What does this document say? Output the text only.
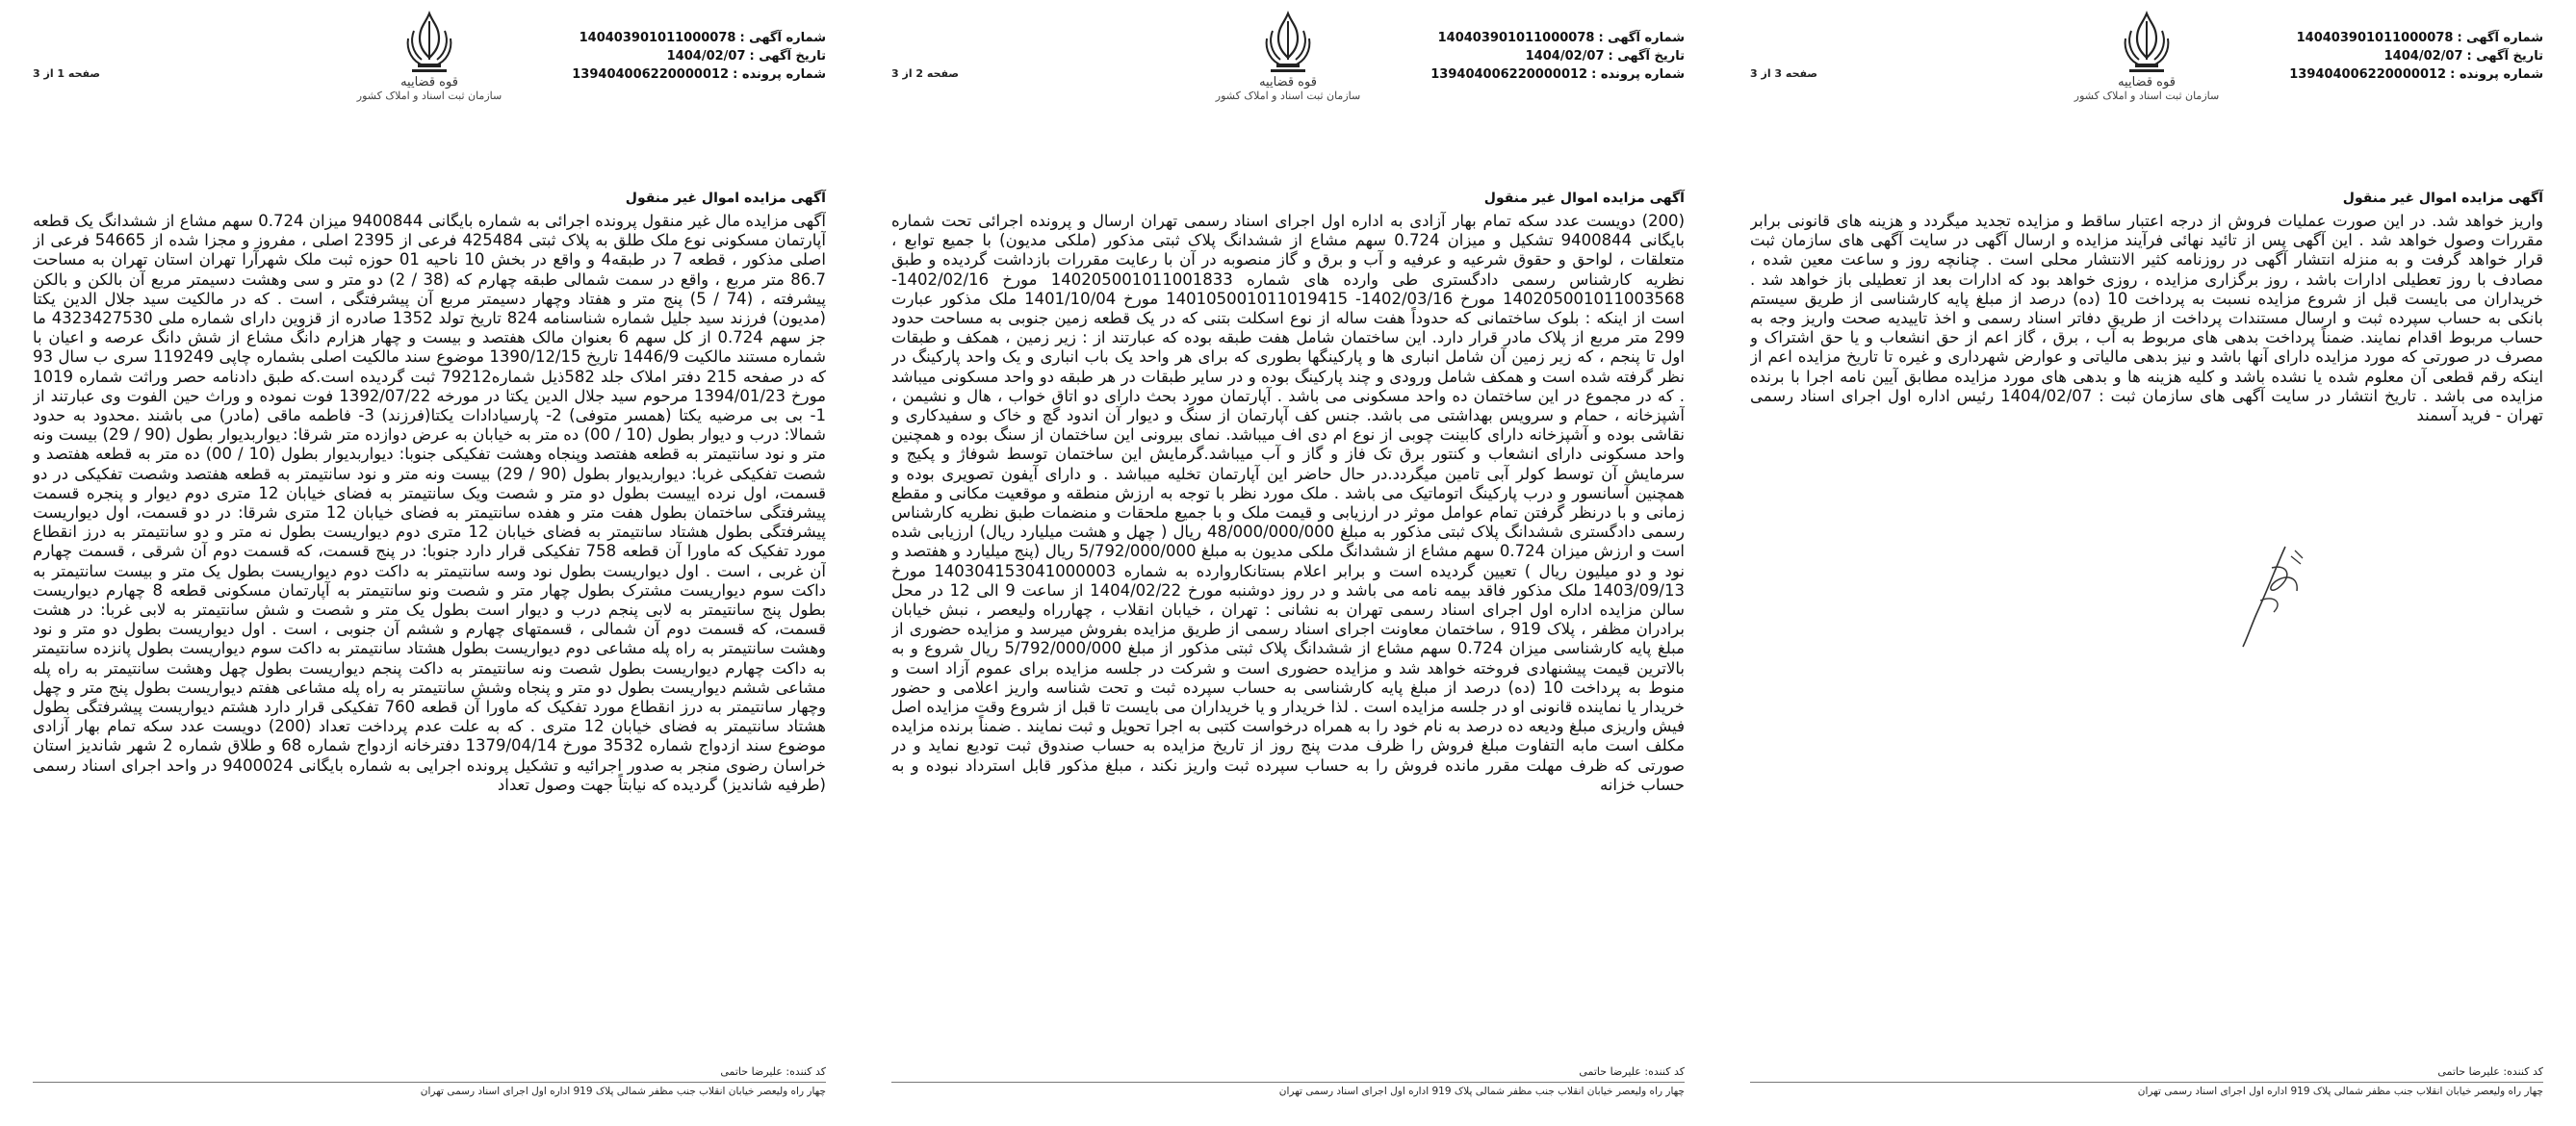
صفحه 1 از 3
قوه قضاییه
سازمان ثبت اسناد و املاک کشور
شماره آگهی :140403901011000078
تاریخ آگهی :1404/02/07
شماره پرونده :139404006220000012
آگهی مزایده اموال غیر منقول
آگهی مزایده مال غیر منقول پرونده اجرائی به شماره بایگانی 9400844 میزان 0.724 سهم مشاع از ششدانگ یک قطعه آپارتمان مسکونی نوع ملک طلق به پلاک ثبتی 425484 فرعی از 2395 اصلی ، مفروز و مجزا شده از 54665 فرعی از اصلی مذکور ، قطعه 7 در طبقه4 و واقع در بخش 10 ناحیه 01 حوزه ثبت ملک شهرآرا تهران استان تهران به مساحت 86.7 متر مربع ، واقع در سمت شمالی طبقه چهارم که (38 / 2) دو متر و سی وهشت دسیمتر مربع آن بالکن و بالکن پیشرفته ، (74 / 5) پنج متر و هفتاد وچهار دسیمتر مربع آن پیشرفتگی ، است . که در مالکیت سید جلال الدین یکتا (مدیون) فرزند سید جلیل شماره شناسنامه 824 تاریخ تولد 1352 صادره از قزوین دارای شماره ملی 4323427530 ما جز سهم 0.724 از کل سهم 6 بعنوان مالک هفتصد و بیست و چهار هزارم دانگ مشاع از شش دانگ عرصه و اعیان با شماره مستند مالکیت 1446/9 تاریخ 1390/12/15 موضوع سند مالکیت اصلی بشماره چاپی 119249 سری ب سال 93 که در صفحه 215 دفتر املاک جلد 582ذیل شماره79212 ثبت گردیده است.که طبق دادنامه حصر وراثت شماره 1019 مورخ 1394/01/23 مرحوم سید جلال الدین یکتا در مورخه 1392/07/22 فوت نموده و وراث حین الفوت وی عبارتند از 1- بی بی مرضیه یکتا (همسر متوفی) 2- پارسیادادات یکتا(فرزند) 3- فاطمه ماقی (مادر) می باشند .محدود به حدود شمالا: درب و دیوار بطول (10 / 00) ده متر به خیابان به عرض دوازده متر شرقا: دیواربدیوار بطول (90 / 29) بیست ونه متر و نود سانتیمتر به قطعه هفتصد وپنجاه وهشت تفکیکی جنوبا: دیواربدیوار بطول (10 / 00) ده متر به قطعه هفتصد و شصت تفکیکی غربا: دیواربدیوار بطول (90 / 29) بیست ونه متر و نود سانتیمتر به قطعه هفتصد وشصت تفکیکی در دو قسمت، اول نرده اییست بطول دو متر و شصت ویک سانتیمتر به فضای خیابان 12 متری دوم دیوار و پنجره قسمت پیشرفتگی ساختمان بطول هفت متر و هفده سانتیمتر به فضای خیابان 12 متری شرقا: در دو قسمت، اول دیواریست پیشرفتگی بطول هشتاد سانتیمتر به فضای خیابان 12 متری دوم دیواریست بطول نه متر و دو سانتیمتر به درز انقطاع مورد تفکیک که ماورا آن قطعه 758 تفکیکی قرار دارد جنوبا: در پنج قسمت، که قسمت دوم آن شرقی ، قسمت چهارم آن غربی ، است . اول دیواریست بطول نود وسه سانتیمتر به داکت دوم دیواریست بطول یک متر و بیست سانتیمتر به داکت سوم دیواریست مشترک بطول چهار متر و شصت ونو سانتیمتر به آپارتمان مسکونی قطعه 8 چهارم دیواریست بطول پنج سانتیمتر به لابی پنجم درب و دیوار است بطول یک متر و شصت و شش سانتیمتر به لابی غربا: در هشت قسمت، که قسمت دوم آن شمالی ، قسمتهای چهارم و ششم آن جنوبی ، است . اول دیواریست بطول دو متر و نود وهشت سانتیمتر به راه پله مشاعی دوم دیواریست بطول هشتاد سانتیمتر به داکت سوم دیواریست بطول پانزده سانتیمتر به داکت چهارم دیواریست بطول شصت ونه سانتیمتر به داکت پنجم دیواریست بطول چهل وهشت سانتیمتر به راه پله مشاعی ششم دیواریست بطول دو متر و پنجاه وشش سانتیمتر به راه پله مشاعی هفتم دیواریست بطول پنج متر و چهل وچهار سانتیمتر به درز انقطاع مورد تفکیک که ماورا آن قطعه 760 تفکیکی قرار دارد هشتم دیواریست پیشرفتگی بطول هشتاد سانتیمتر به فضای خیابان 12 متری . که به علت عدم پرداخت تعداد (200) دویست عدد سکه تمام بهار آزادی موضوع سند ازدواج شماره 3532 مورخ 1379/04/14 دفترخانه ازدواج شماره 68 و طلاق شماره 2 شهر شاندیز استان خراسان رضوی منجر به صدور اجرائیه و تشکیل پرونده اجرایی به شماره بایگانی 9400024 در واحد اجرای اسناد رسمی (طرفیه شاندیز) گردیده که نیابتاً جهت وصول تعداد
کد کننده: علیرضا حاتمی
چهار راه ولیعصر خیابان انقلاب جنب مظفر شمالی پلاک 919 اداره اول اجرای اسناد رسمی تهران
صفحه 2 از 3
قوه قضاییه
سازمان ثبت اسناد و املاک کشور
شماره آگهی :140403901011000078
تاریخ آگهی :1404/02/07
شماره پرونده :139404006220000012
آگهی مزایده اموال غیر منقول
(200) دویست عدد سکه تمام بهار آزادی به اداره اول اجرای اسناد رسمی تهران ارسال و پرونده اجرائی تحت شماره بایگانی 9400844 تشکیل و میزان 0.724 سهم مشاع از ششدانگ پلاک ثبتی مذکور (ملکی مدیون) با جمیع توابع ، متعلقات ، لواحق و حقوق شرعیه و عرفیه و آب و برق و گاز منصوبه در آن با رعایت مقررات بازداشت گردیده و طبق نظریه کارشناس رسمی دادگستری طی وارده های شماره 140205001011001833 مورخ 1402/02/16- 140205001011003568 مورخ 1402/03/16- 140105001011019415 مورخ 1401/10/04 ملک مذکور عبارت است از اینکه : بلوک ساختمانی که حدوداً هفت ساله از نوع اسکلت بتنی که در یک قطعه زمین جنوبی به مساحت حدود 299 متر مربع از پلاک مادر قرار دارد. این ساختمان شامل هفت طبقه بوده که عبارتند از : زیر زمین ، همکف و طبقات اول تا پنجم ، که زیر زمین آن شامل انباری ها و پارکینگها بطوری که برای هر واحد یک باب انباری و یک واحد پارکینگ در نظر گرفته شده است و همکف شامل ورودی و چند پارکینگ بوده و در سایر طبقات در هر طبقه دو واحد مسکونی میباشد . که در مجموع در این ساختمان ده واحد مسکونی می باشد . آپارتمان مورد بحث دارای دو اتاق خواب ، هال و نشیمن ، آشپزخانه ، حمام و سرویس بهداشتی می باشد. جنس کف آپارتمان از سنگ و دیوار آن اندود گچ و خاک و سفیدکاری و نقاشی بوده و آشپزخانه دارای کابینت چوبی از نوع ام دی اف میباشد. نمای بیرونی این ساختمان از سنگ بوده و همچنین واحد مسکونی دارای انشعاب و کنتور برق تک فاز و گاز و آب میباشد.گرمایش این ساختمان توسط شوفاژ و پکیج و سرمایش آن توسط کولر آبی تامین میگردد.در حال حاضر این آپارتمان تخلیه میباشد . و دارای آیفون تصویری بوده و همچنین آسانسور و درب پارکینگ اتوماتیک می باشد . ملک مورد نظر با توجه به ارزش منطقه و موقعیت مکانی و مقطع زمانی و با درنظر گرفتن تمام عوامل موثر در ارزیابی و قیمت ملک و با جمیع ملحقات و منضمات طبق نظریه کارشناس رسمی دادگستری ششدانگ پلاک ثبتی مذکور به مبلغ 48/000/000/000 ریال ( چهل و هشت میلیارد ریال) ارزیابی شده است و ارزش میزان 0.724 سهم مشاع از ششدانگ ملکی مدیون به مبلغ 5/792/000/000 ریال (پنج میلیارد و هفتصد و نود و دو میلیون ریال ) تعیین گردیده است و برابر اعلام بستانکاروارده به شماره 140304153041000003 مورخ 1403/09/13 ملک مذکور فاقد بیمه نامه می باشد و در روز دوشنبه مورخ 1404/02/22 از ساعت 9 الی 12 در محل سالن مزایده اداره اول اجرای اسناد رسمی تهران به نشانی : تهران ، خیابان انقلاب ، چهارراه ولیعصر ، نبش خیابان برادران مظفر ، پلاک 919 ، ساختمان معاونت اجرای اسناد رسمی از طریق مزایده بفروش میرسد و مزایده حضوری از مبلغ پایه کارشناسی میزان 0.724 سهم مشاع از ششدانگ پلاک ثبتی مذکور از مبلغ 5/792/000/000 ریال شروع و به بالاترین قیمت پیشنهادی فروخته خواهد شد و مزایده حضوری است و شرکت در جلسه مزایده برای عموم آزاد است و منوط به پرداخت 10 (ده) درصد از مبلغ پایه کارشناسی به حساب سپرده ثبت و تحت شناسه واریز اعلامی و حضور خریدار یا نماینده قانونی او در جلسه مزایده است . لذا خریدار و یا خریداران می بایست تا قبل از شروع وقت مزایده اصل فیش واریزی مبلغ ودیعه ده درصد به نام خود را به همراه درخواست کتبی به اجرا تحویل و ثبت نمایند . ضمناً برنده مزایده مکلف است مابه التفاوت مبلغ فروش را ظرف مدت پنج روز از تاریخ مزایده به حساب صندوق ثبت تودیع نماید و در صورتی که ظرف مهلت مقرر مانده فروش را به حساب سپرده ثبت واریز نکند ، مبلغ مذکور قابل استرداد نبوده و به حساب خزانه
کد کننده: علیرضا حاتمی
چهار راه ولیعصر خیابان انقلاب جنب مظفر شمالی پلاک 919 اداره اول اجرای اسناد رسمی تهران
صفحه 3 از 3
قوه قضاییه
سازمان ثبت اسناد و املاک کشور
شماره آگهی :140403901011000078
تاریخ آگهی :1404/02/07
شماره پرونده :139404006220000012
آگهی مزایده اموال غیر منقول
واریز خواهد شد. در این صورت عملیات فروش از درجه اعتبار ساقط و مزایده تجدید میگردد و هزینه های قانونی برابر مقررات وصول خواهد شد . این آگهی پس از تائید نهائی فرآیند مزایده و ارسال آگهی در سایت آگهی های سازمان ثبت قرار خواهد گرفت و به منزله انتشار آگهی در روزنامه کثیر الانتشار محلی است . چنانچه روز و ساعت معین شده ، مصادف با روز تعطیلی ادارات باشد ، روز برگزاری مزایده ، روزی خواهد بود که ادارات بعد از تعطیلی باز خواهد شد . خریداران می بایست قبل از شروع مزایده نسبت به پرداخت 10 (ده) درصد از مبلغ پایه کارشناسی از طریق سیستم بانکی به حساب سپرده ثبت و ارسال مستندات پرداخت از طریق دفاتر اسناد رسمی و اخذ تاییدیه صحت واریز وجه به حساب مربوط اقدام نمایند. ضمناً پرداخت بدهی های مربوط به آب ، برق ، گاز اعم از حق انشعاب و یا حق اشتراک و مصرف در صورتی که مورد مزایده دارای آنها باشد و نیز بدهی مالیاتی و عوارض شهرداری و غیره تا تاریخ مزایده اعم از اینکه رقم قطعی آن معلوم شده یا نشده باشد و کلیه هزینه ها و بدهی های مورد مزایده مطابق آیین نامه اجرا با برنده مزایده می باشد . تاریخ انتشار در سایت آگهی های سازمان ثبت : 1404/02/07 رئیس اداره اول اجرای اسناد رسمی تهران - فرید آسمند
کد کننده: علیرضا حاتمی
چهار راه ولیعصر خیابان انقلاب جنب مظفر شمالی پلاک 919 اداره اول اجرای اسناد رسمی تهران
